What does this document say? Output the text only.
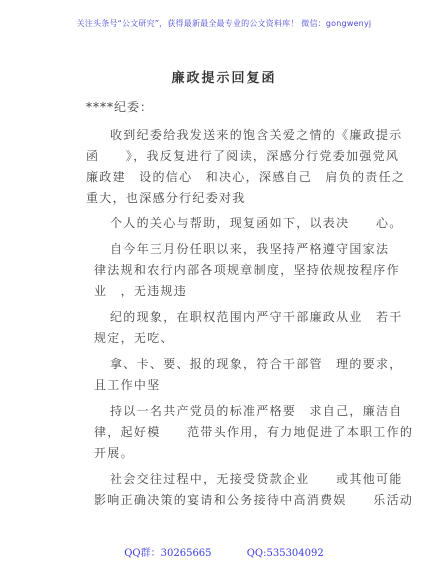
关注头条号“公文研究”，获得最新最全最专业的公文资料库！ 微信：gongwenyj
廉政提示回复函
****纪委：
收到纪委给我发送来的饱含关爱之情的《廉政提示
函　　》，我反复进行了阅读，深感分行党委加强党风
廉政建　设的信心　和决心，深感自己　肩负的责任之
重大，也深感分行纪委对我
个人的关心与帮助，现复函如下，以表决　　心。
自今年三月份任职以来，我坚持严格遵守国家法
律法规和农行内部各项规章制度，坚持依规按程序作
业　，无违规违
纪的现象，在职权范围内严守干部廉政从业　若干
规定，无吃、
拿、卡、要、报的现象，符合干部管　理的要求，
且工作中坚
持以一名共产党员的标准严格要　求自己，廉洁自
律，起好模　　范带头作用，有力地促进了本职工作的
开展。
社会交往过程中，无接受贷款企业　　或其他可能
影响正确决策的宴请和公务接待中高消费娱　　乐活动
QQ群：30265665	QQ:535304092
